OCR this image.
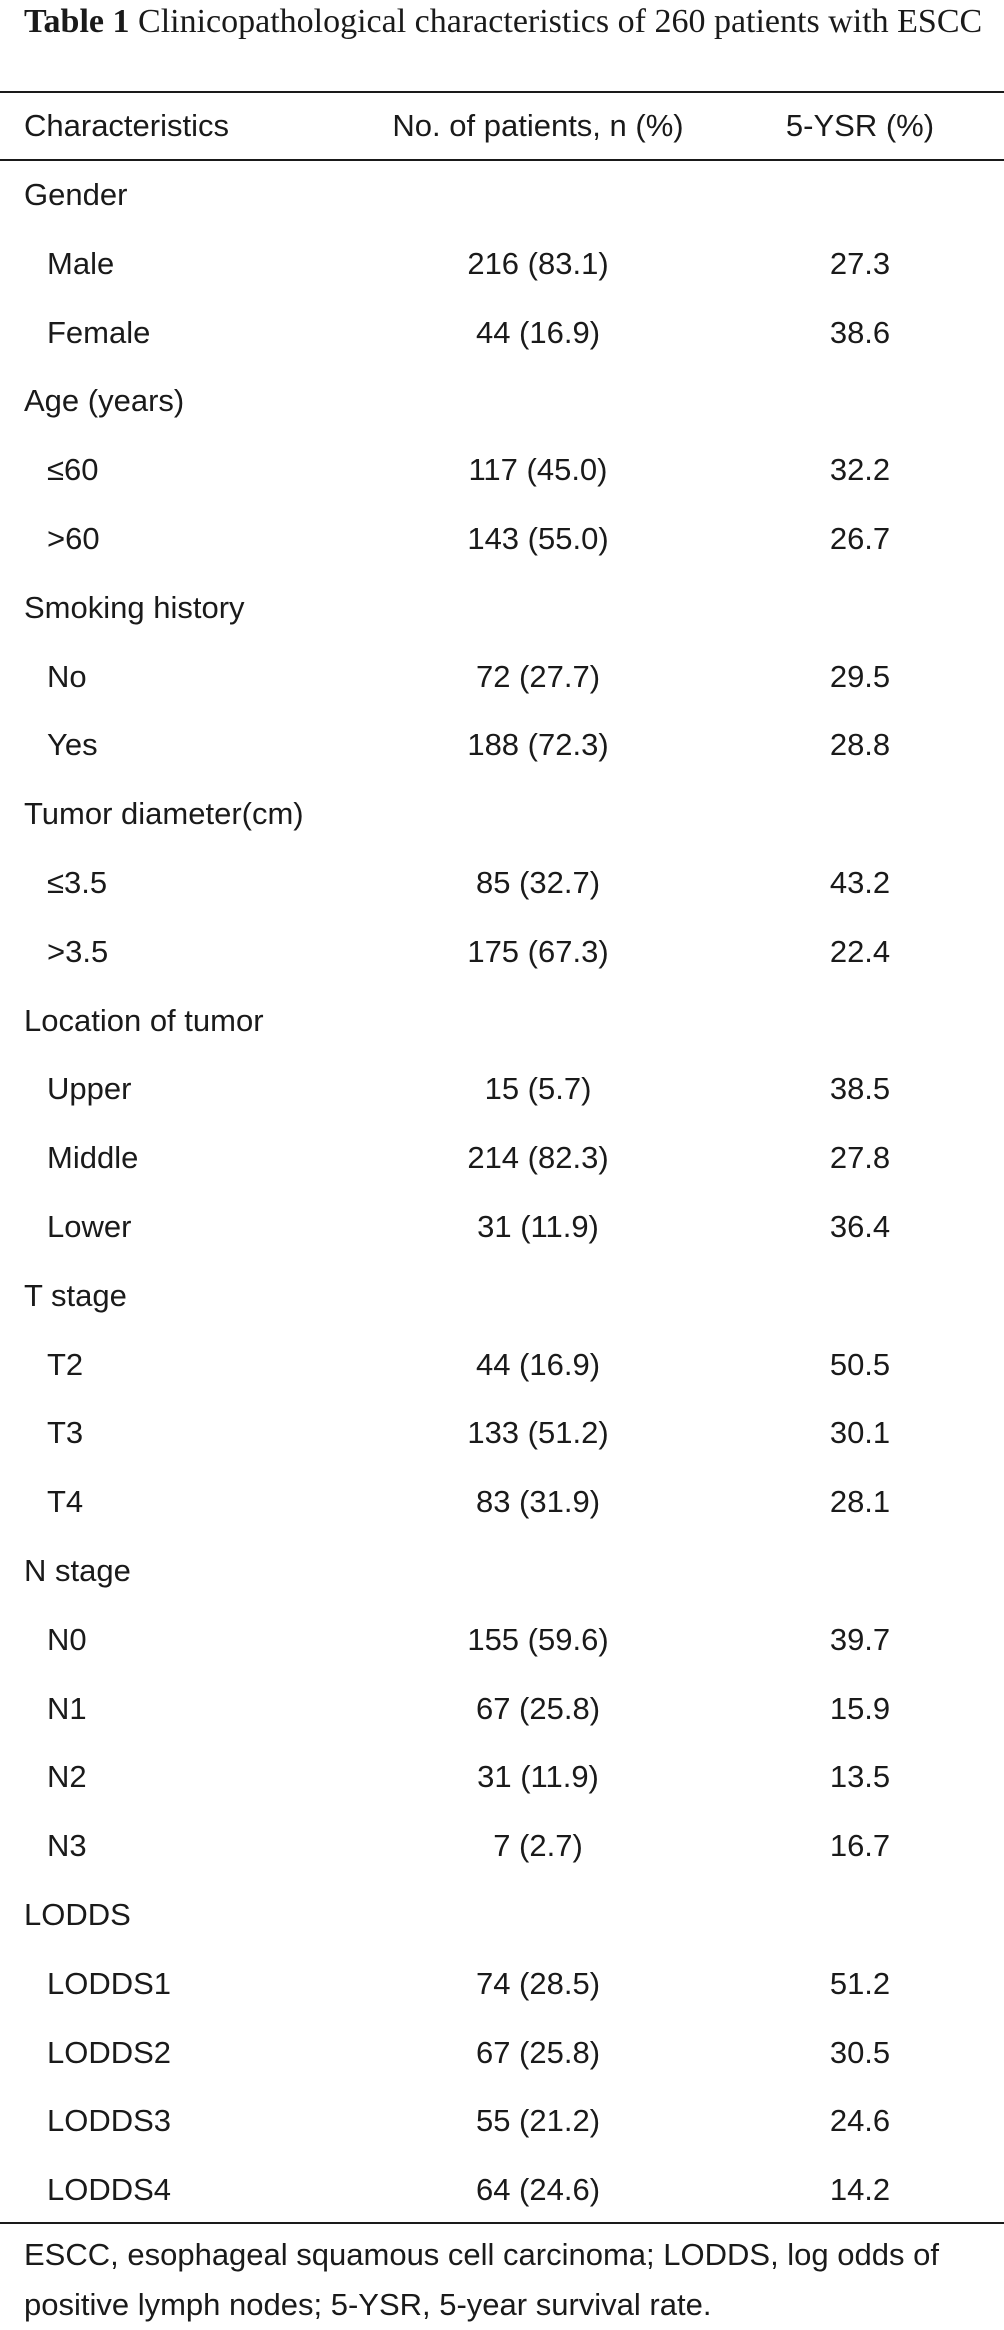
Table 1 Clinicopathological characteristics of 260 patients with ESCC
Characteristics	No. of patients, n (%)	5-YSR (%)
Gender
Male	216 (83.1)	27.3
Female	44 (16.9)	38.6
Age (years)
≤60	117 (45.0)	32.2
>60	143 (55.0)	26.7
Smoking history
No	72 (27.7)	29.5
Yes	188 (72.3)	28.8
Tumor diameter(cm)
≤3.5	85 (32.7)	43.2
>3.5	175 (67.3)	22.4
Location of tumor
Upper	15 (5.7)	38.5
Middle	214 (82.3)	27.8
Lower	31 (11.9)	36.4
T stage
T2	44 (16.9)	50.5
T3	133 (51.2)	30.1
T4	83 (31.9)	28.1
N stage
N0	155 (59.6)	39.7
N1	67 (25.8)	15.9
N2	31 (11.9)	13.5
N3	7 (2.7)	16.7
LODDS
LODDS1	74 (28.5)	51.2
LODDS2	67 (25.8)	30.5
LODDS3	55 (21.2)	24.6
LODDS4	64 (24.6)	14.2
ESCC, esophageal squamous cell carcinoma; LODDS, log odds of positive lymph nodes; 5-YSR, 5-year survival rate.
